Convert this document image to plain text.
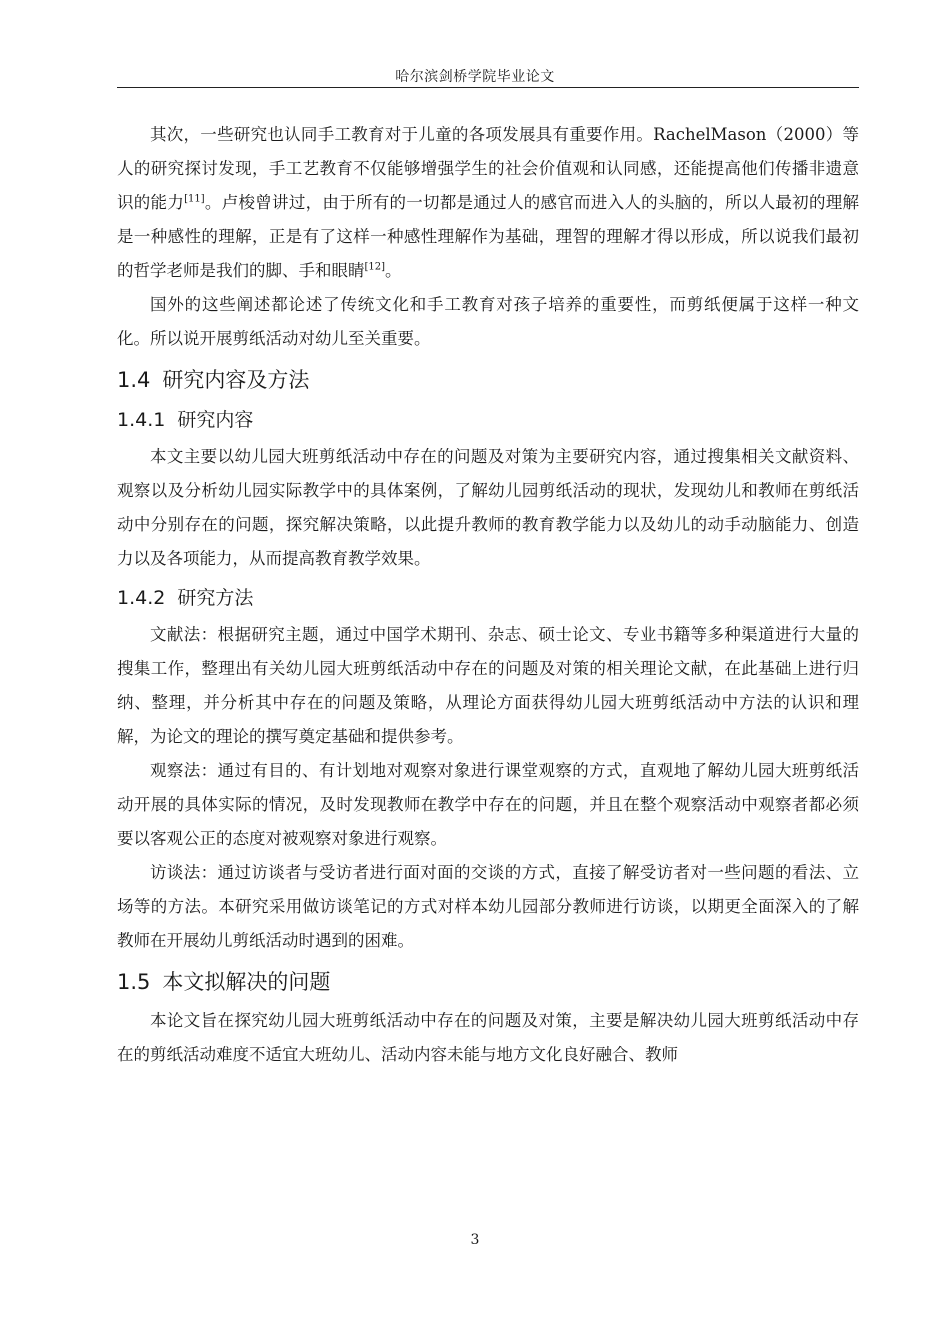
哈尔滨剑桥学院毕业论文

其次，一些研究也认同手工教育对于儿童的各项发展具有重要作用。RachelMason（2000）等人的研究探讨发现，手工艺教育不仅能够增强学生的社会价值观和认同感，还能提高他们传播非遗意识的能力[11]。卢梭曾讲过，由于所有的一切都是通过人的感官而进入人的头脑的，所以人最初的理解是一种感性的理解，正是有了这样一种感性理解作为基础，理智的理解才得以形成，所以说我们最初的哲学老师是我们的脚、手和眼睛[12]。

国外的这些阐述都论述了传统文化和手工教育对孩子培养的重要性，而剪纸便属于这样一种文化。所以说开展剪纸活动对幼儿至关重要。

1.4 研究内容及方法
1.4.1 研究内容

本文主要以幼儿园大班剪纸活动中存在的问题及对策为主要研究内容，通过搜集相关文献资料、观察以及分析幼儿园实际教学中的具体案例，了解幼儿园剪纸活动的现状，发现幼儿和教师在剪纸活动中分别存在的问题，探究解决策略，以此提升教师的教育教学能力以及幼儿的动手动脑能力、创造力以及各项能力，从而提高教育教学效果。

1.4.2 研究方法

文献法：根据研究主题，通过中国学术期刊、杂志、硕士论文、专业书籍等多种渠道进行大量的搜集工作，整理出有关幼儿园大班剪纸活动中存在的问题及对策的相关理论文献，在此基础上进行归纳、整理，并分析其中存在的问题及策略，从理论方面获得幼儿园大班剪纸活动中方法的认识和理解，为论文的理论的撰写奠定基础和提供参考。

观察法：通过有目的、有计划地对观察对象进行课堂观察的方式，直观地了解幼儿园大班剪纸活动开展的具体实际的情况，及时发现教师在教学中存在的问题，并且在整个观察活动中观察者都必须要以客观公正的态度对被观察对象进行观察。

访谈法：通过访谈者与受访者进行面对面的交谈的方式，直接了解受访者对一些问题的看法、立场等的方法。本研究采用做访谈笔记的方式对样本幼儿园部分教师进行访谈，以期更全面深入的了解教师在开展幼儿剪纸活动时遇到的困难。

1.5 本文拟解决的问题

本论文旨在探究幼儿园大班剪纸活动中存在的问题及对策，主要是解决幼儿园大班剪纸活动中存在的剪纸活动难度不适宜大班幼儿、活动内容未能与地方文化良好融合、教师

3
